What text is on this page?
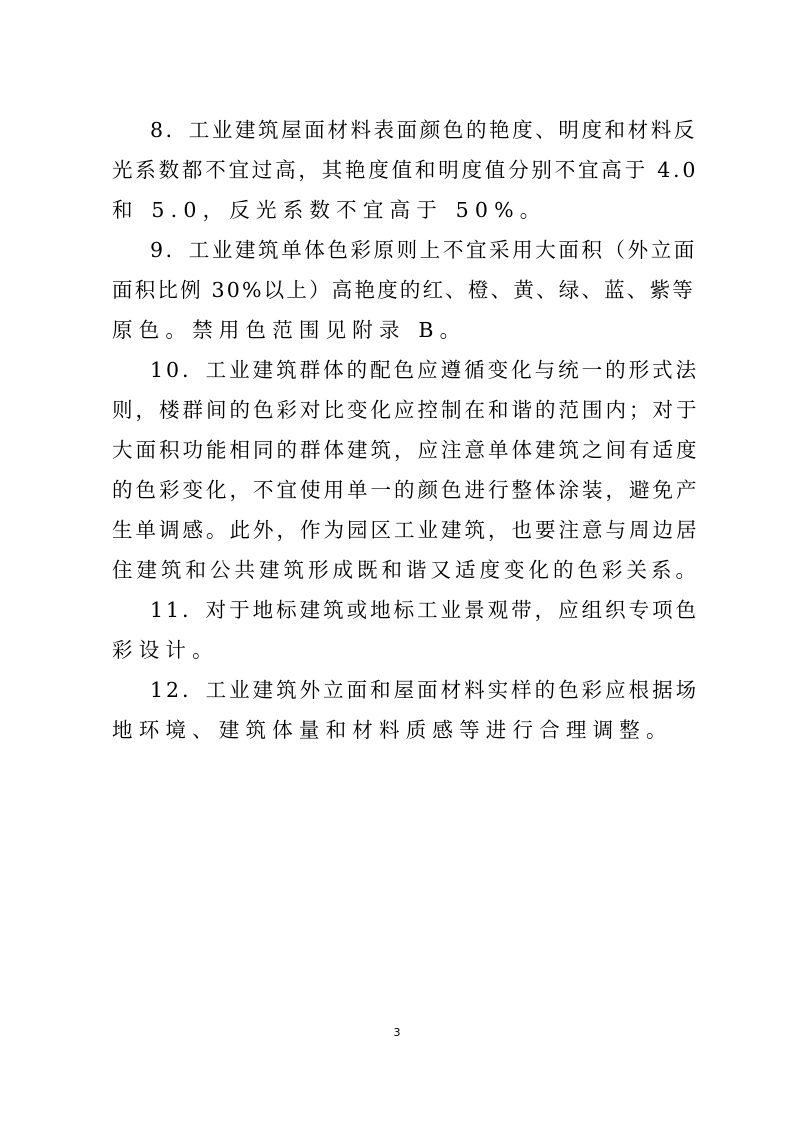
8．工业建筑屋面材料表面颜色的艳度、明度和材料反
光系数都不宜过高，其艳度值和明度值分别不宜高于 4.0
和 5.0，反光系数不宜高于 50%。
9．工业建筑单体色彩原则上不宜采用大面积（外立面
面积比例 30%以上）高艳度的红、橙、黄、绿、蓝、紫等
原色。禁用色范围见附录 B。
10．工业建筑群体的配色应遵循变化与统一的形式法
则，楼群间的色彩对比变化应控制在和谐的范围内；对于
大面积功能相同的群体建筑，应注意单体建筑之间有适度
的色彩变化，不宜使用单一的颜色进行整体涂装，避免产
生单调感。此外，作为园区工业建筑，也要注意与周边居
住建筑和公共建筑形成既和谐又适度变化的色彩关系。
11．对于地标建筑或地标工业景观带，应组织专项色
彩设计。
12．工业建筑外立面和屋面材料实样的色彩应根据场
地环境、建筑体量和材料质感等进行合理调整。
3
